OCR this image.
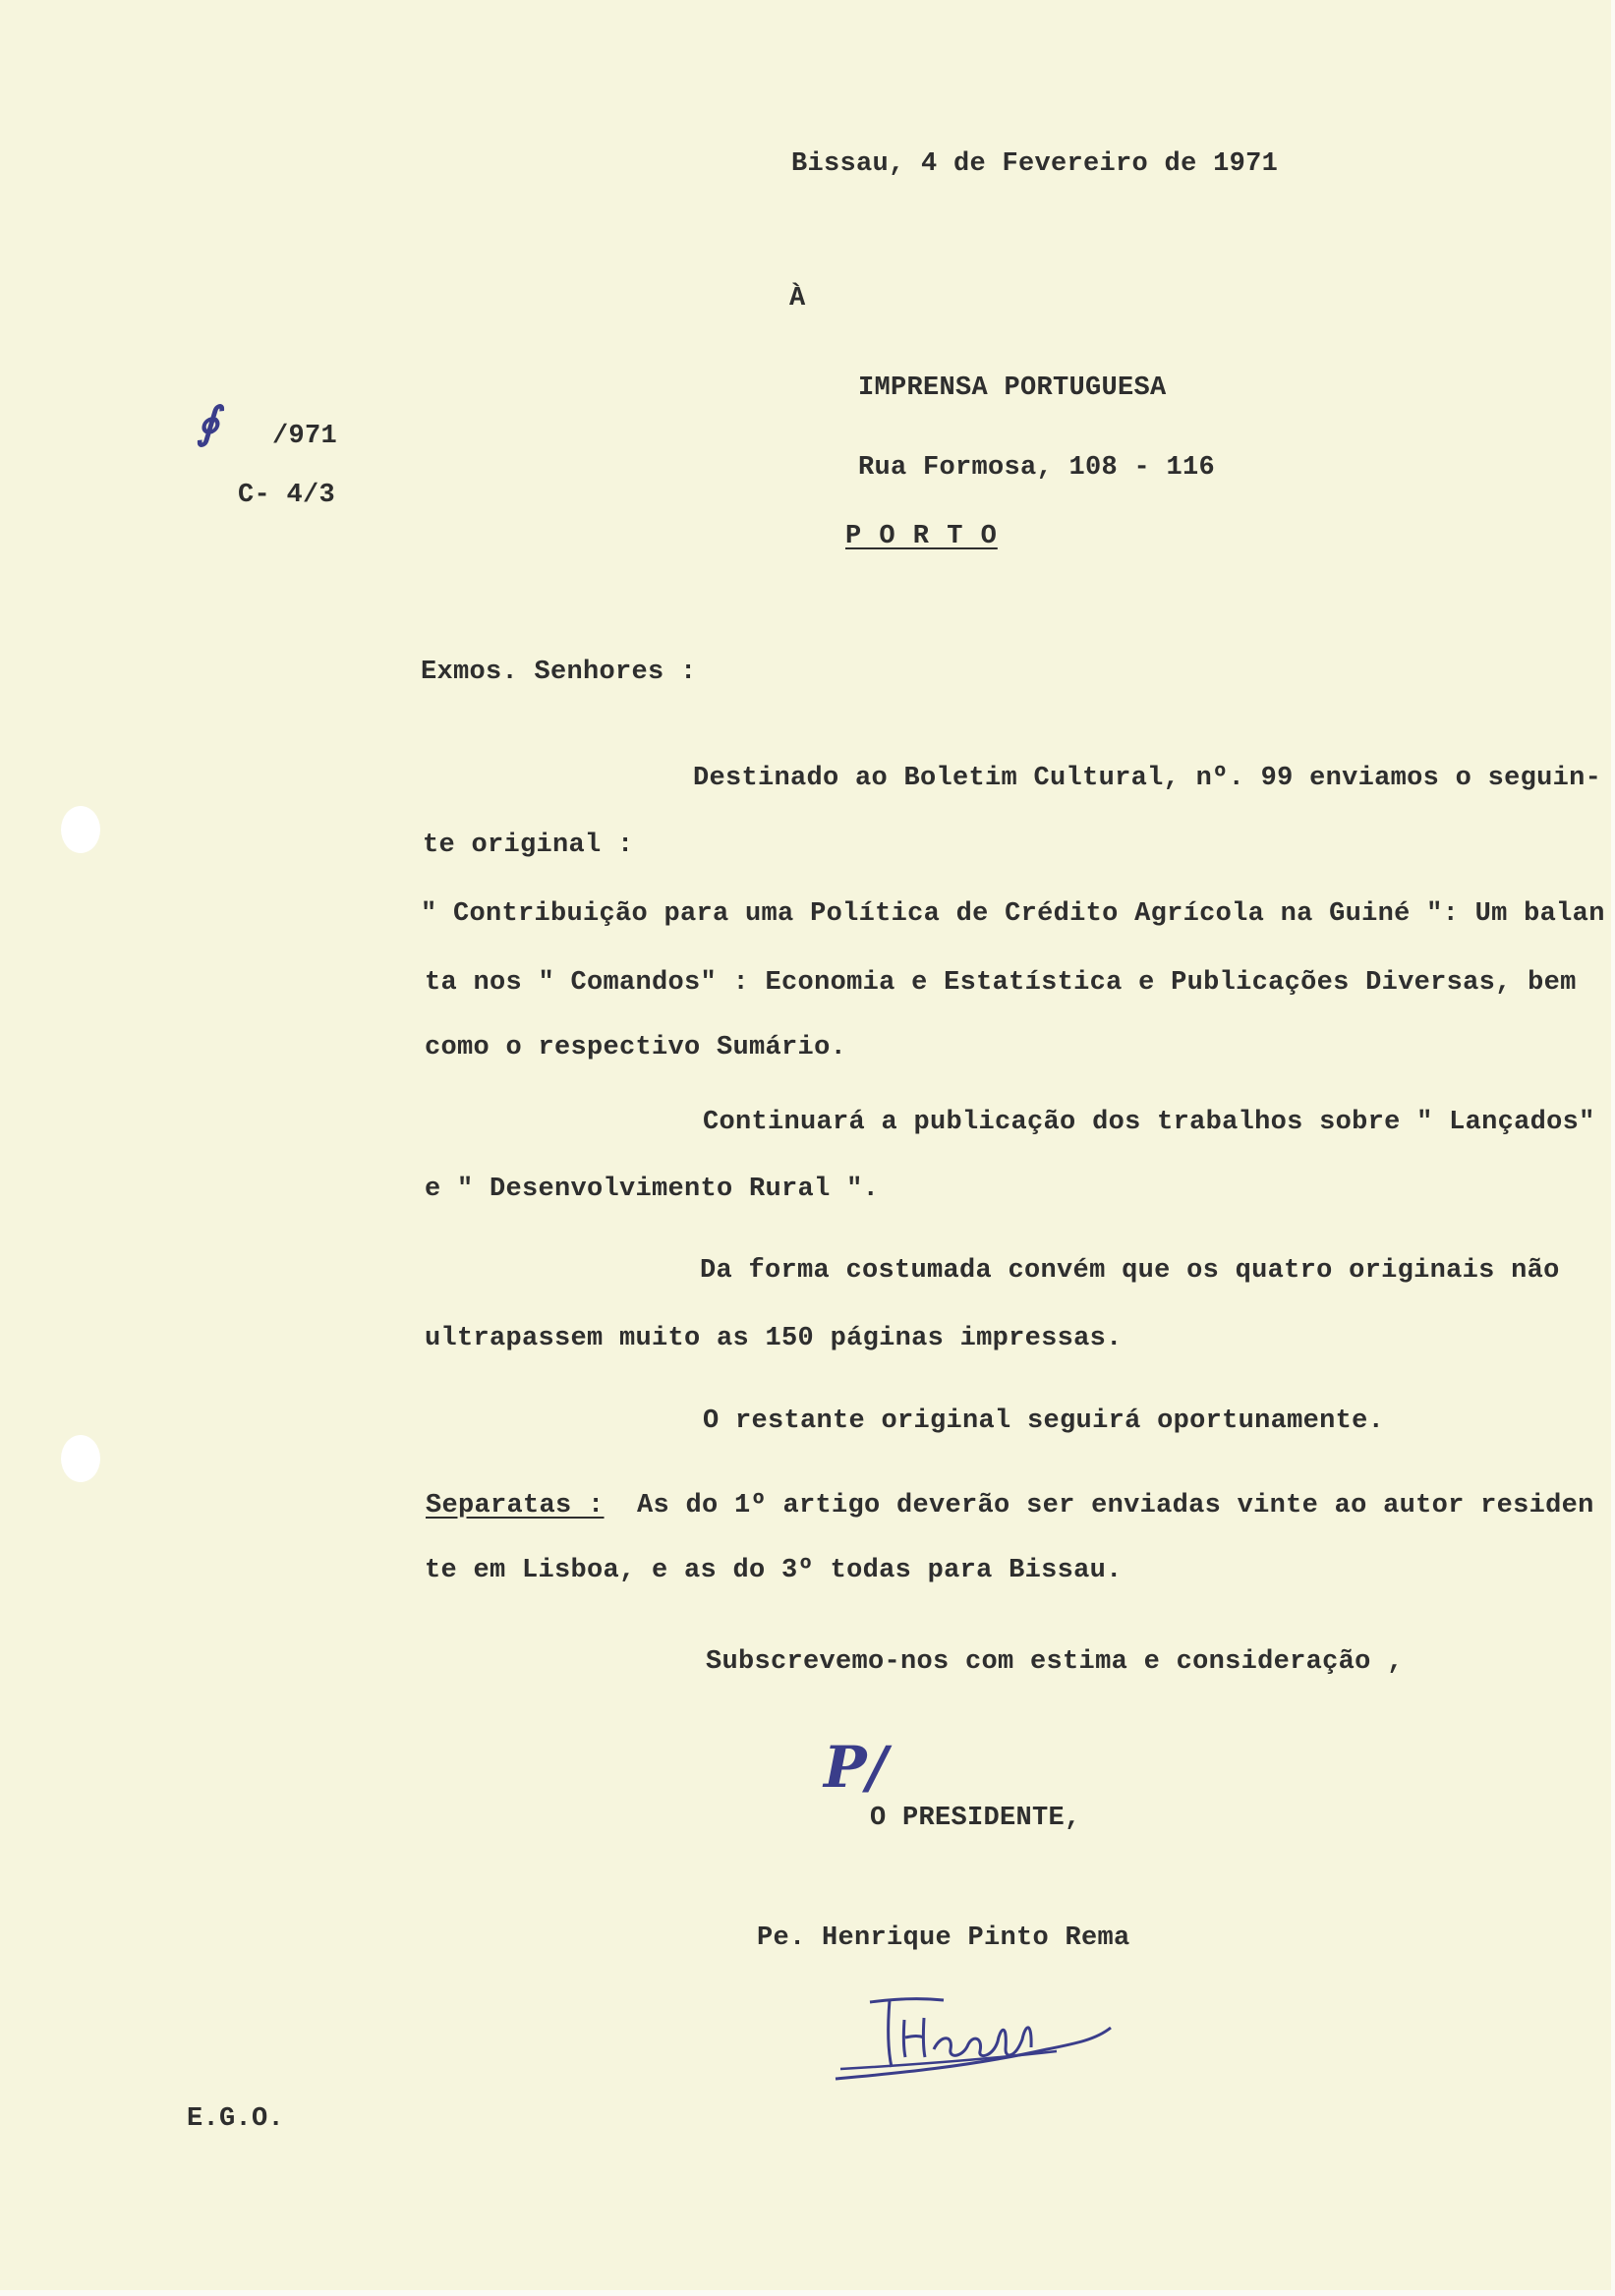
Bissau, 4 de Fevereiro de 1971
À
IMPRENSA PORTUGUESA
Rua Formosa, 108 - 116
P O R T O
∮ /971
C- 4/3
Exmos. Senhores :
Destinado ao Boletim Cultural, nº. 99 enviamos o seguin-
te original :
" Contribuição para uma Política de Crédito Agrícola na Guiné ": Um balan
ta nos " Comandos" : Economia e Estatística e Publicações Diversas, bem
como o respectivo Sumário.
Continuará a publicação dos trabalhos sobre " Lançados"
e " Desenvolvimento Rural ".
Da forma costumada convém que os quatro originais não
ultrapassem muito as 150 páginas impressas.
O restante original seguirá oportunamente.
Separatas : As do 1º artigo deverão ser enviadas vinte ao autor residen
te em Lisboa, e as do 3º todas para Bissau.
Subscrevemo-nos com estima e consideração ,
P/
O PRESIDENTE,
Pe. Henrique Pinto Rema
E.G.O.
